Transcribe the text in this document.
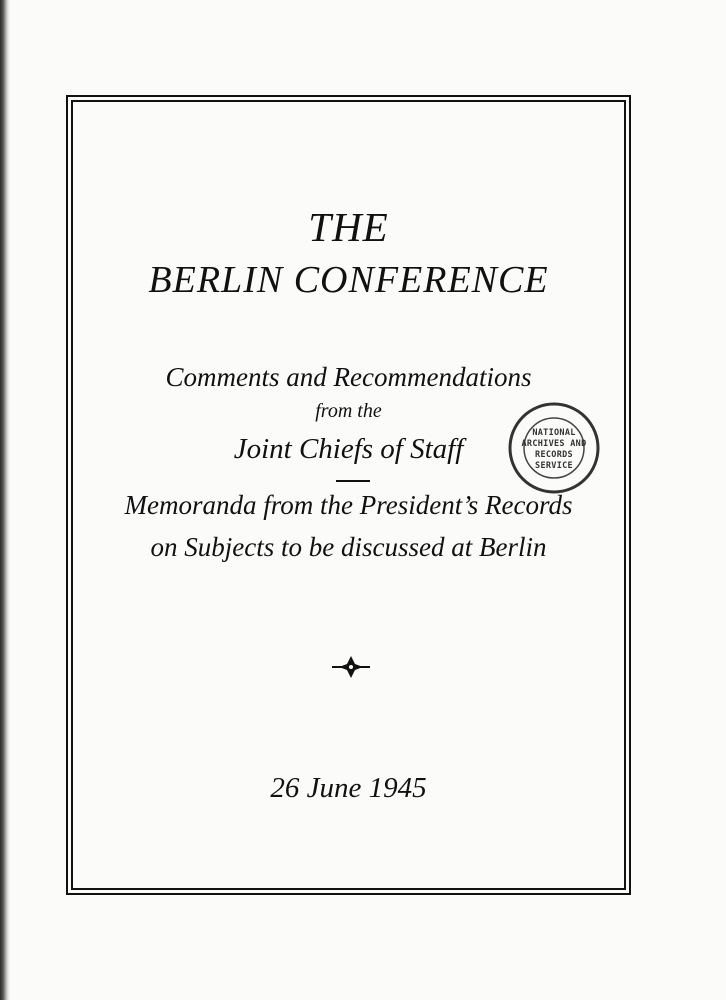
THE
BERLIN CONFERENCE
Comments and Recommendations
from the
Joint Chiefs of Staff
Memoranda from the President’s Records
on Subjects to be discussed at Berlin
26 June 1945
NATIONAL
ARCHIVES AND
RECORDS
SERVICE
